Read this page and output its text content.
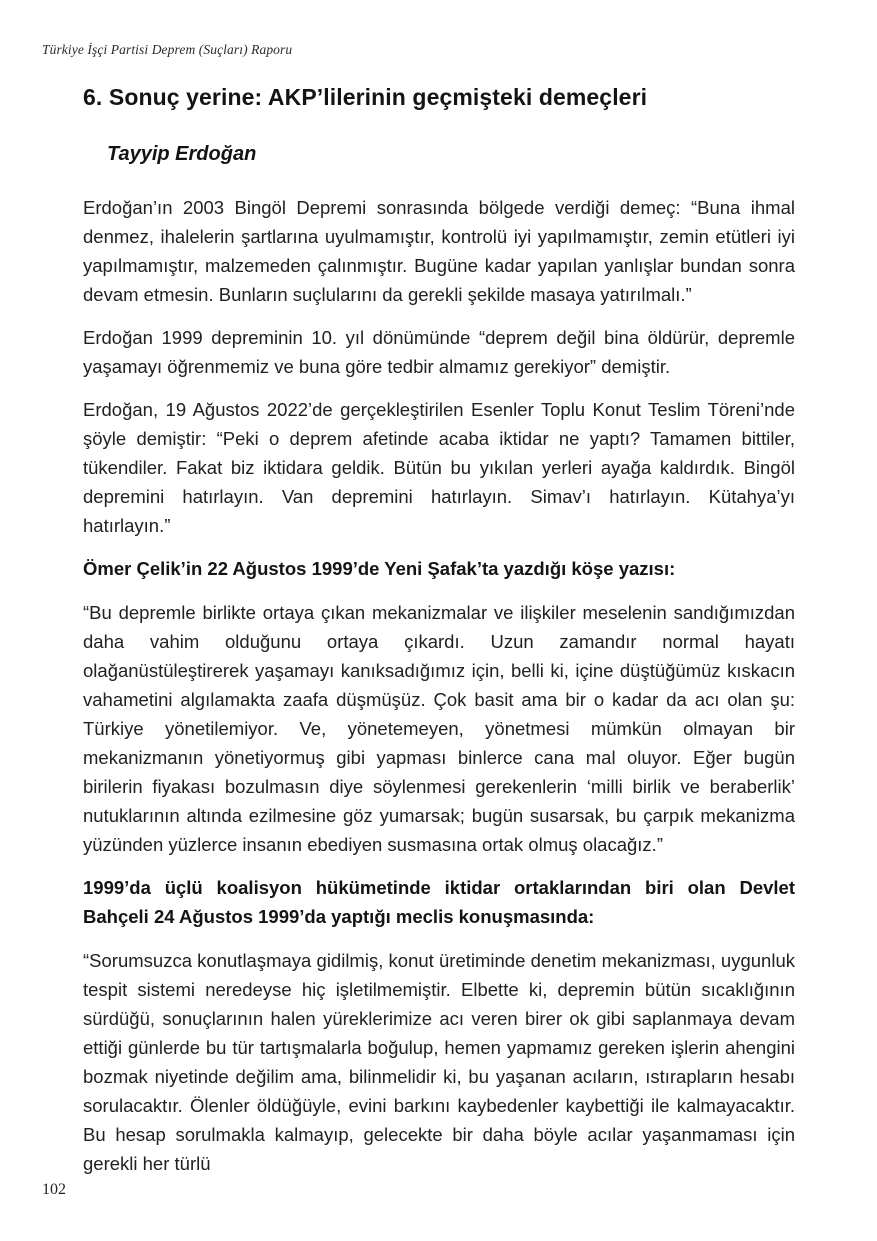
Türkiye İşçi Partisi Deprem (Suçları) Raporu
6. Sonuç yerine: AKP’lilerinin geçmişteki demeçleri
Tayyip Erdoğan

Erdoğan’ın 2003 Bingöl Depremi sonrasında bölgede verdiği demeç: “Buna ihmal denmez, ihalelerin şartlarına uyulmamıştır, kontrolü iyi yapılmamıştır, zemin etütleri iyi yapılmamıştır, malzemeden çalınmıştır. Bugüne kadar yapılan yanlışlar bundan sonra devam etmesin. Bunların suçlularını da gerekli şekilde masaya yatırılmalı.”

Erdoğan 1999 depreminin 10. yıl dönümünde “deprem değil bina öldürür, depremle yaşamayı öğrenmemiz ve buna göre tedbir almamız gerekiyor” demiştir.

Erdoğan, 19 Ağustos 2022’de gerçekleştirilen Esenler Toplu Konut Teslim Töreni’nde şöyle demiştir: “Peki o deprem afetinde acaba iktidar ne yaptı? Tamamen bittiler, tükendiler. Fakat biz iktidara geldik. Bütün bu yıkılan yerleri ayağa kaldırdık. Bingöl depremini hatırlayın. Van depremini hatırlayın. Simav’ı hatırlayın. Kütahya’yı hatırlayın.”

Ömer Çelik’in 22 Ağustos 1999’de Yeni Şafak’ta yazdığı köşe yazısı:

“Bu depremle birlikte ortaya çıkan mekanizmalar ve ilişkiler meselenin sandığımızdan daha vahim olduğunu ortaya çıkardı. Uzun zamandır normal hayatı olağanüstüleştirerek yaşamayı kanıksadığımız için, belli ki, içine düştüğümüz kıskacın vahametini algılamakta zaafa düşmüşüz. Çok basit ama bir o kadar da acı olan şu: Türkiye yönetilemiyor. Ve, yönetemeyen, yönetmesi mümkün olmayan bir mekanizmanın yönetiyormuş gibi yapması binlerce cana mal oluyor. Eğer bugün birilerin fiyakası bozulmasın diye söylenmesi gerekenlerin ‘milli birlik ve beraberlik’ nutuklarının altında ezilmesine göz yumarsak; bugün susarsak, bu çarpık mekanizma yüzünden yüzlerce insanın ebediyen susmasına ortak olmuş olacağız.”

1999’da üçlü koalisyon hükümetinde iktidar ortaklarından biri olan Devlet Bahçeli 24 Ağustos 1999’da yaptığı meclis konuşmasında:

“Sorumsuzca konutlaşmaya gidilmiş, konut üretiminde denetim mekanizması, uygunluk tespit sistemi neredeyse hiç işletilmemiştir. Elbette ki, depremin bütün sıcaklığının sürdüğü, sonuçlarının halen yüreklerimize acı veren birer ok gibi saplanmaya devam ettiği günlerde bu tür tartışmalarla boğulup, hemen yapmamız gereken işlerin ahengini bozmak niyetinde değilim ama, bilinmelidir ki, bu yaşanan acıların, ıstırapların hesabı sorulacaktır. Ölenler öldüğüyle, evini barkını kaybedenler kaybettiği ile kalmayacaktır. Bu hesap sorulmakla kalmayıp, gelecekte bir daha böyle acılar yaşanmaması için gerekli her türlü

102
